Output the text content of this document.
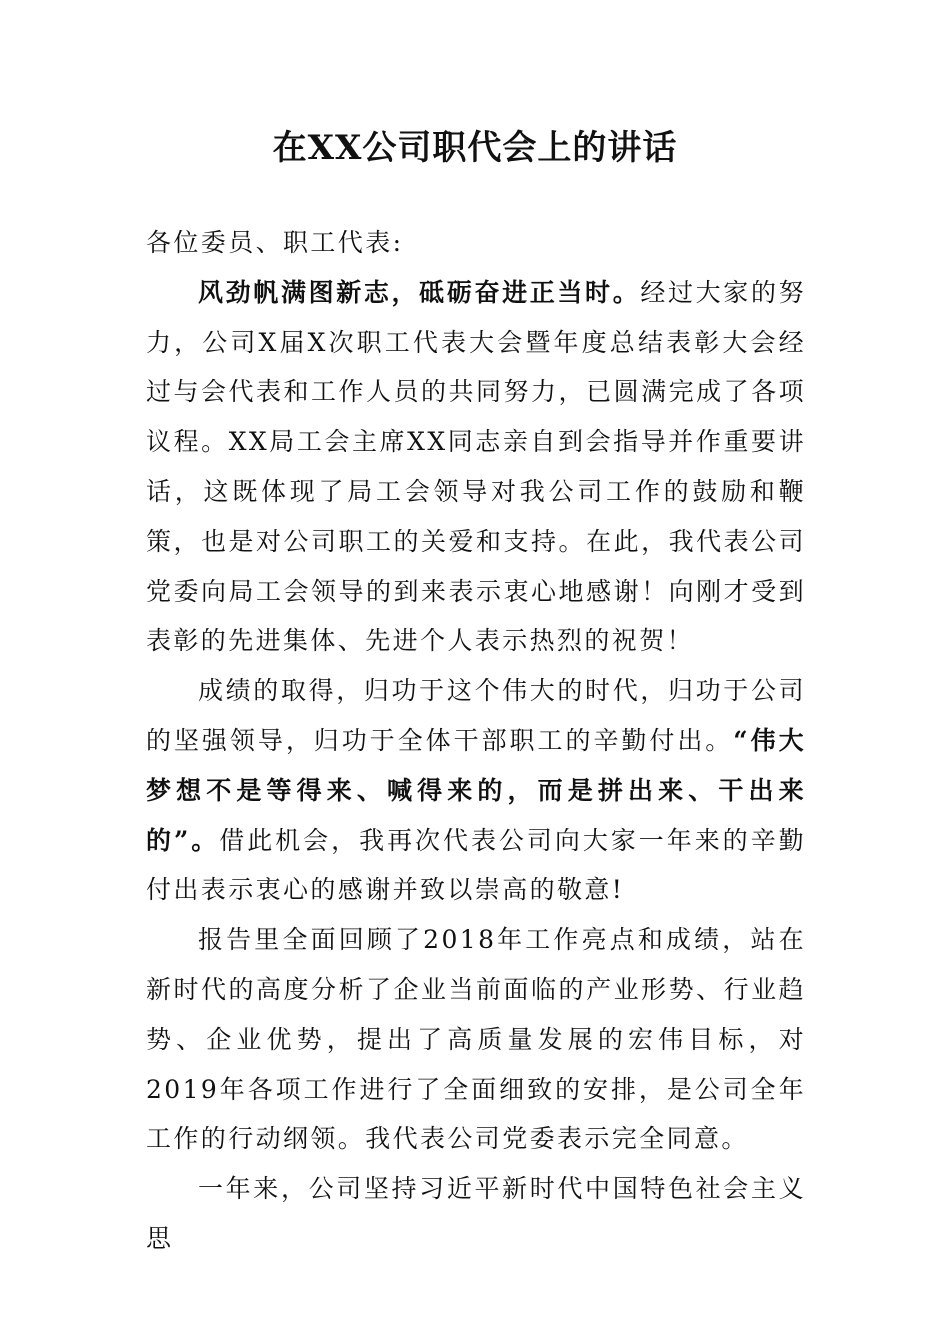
在XX公司职代会上的讲话

各位委员、职工代表:

风劲帆满图新志，砥砺奋进正当时。经过大家的努力，公司X届X次职工代表大会暨年度总结表彰大会经过与会代表和工作人员的共同努力，已圆满完成了各项议程。XX局工会主席XX同志亲自到会指导并作重要讲话，这既体现了局工会领导对我公司工作的鼓励和鞭策，也是对公司职工的关爱和支持。在此，我代表公司党委向局工会领导的到来表示衷心地感谢！向刚才受到表彰的先进集体、先进个人表示热烈的祝贺！

成绩的取得，归功于这个伟大的时代，归功于公司的坚强领导，归功于全体干部职工的辛勤付出。“伟大梦想不是等得来、喊得来的，而是拼出来、干出来的”。借此机会，我再次代表公司向大家一年来的辛勤付出表示衷心的感谢并致以崇高的敬意!

报告里全面回顾了2018年工作亮点和成绩，站在新时代的高度分析了企业当前面临的产业形势、行业趋势、企业优势，提出了高质量发展的宏伟目标，对2019年各项工作进行了全面细致的安排，是公司全年工作的行动纲领。我代表公司党委表示完全同意。

一年来，公司坚持习近平新时代中国特色社会主义思
